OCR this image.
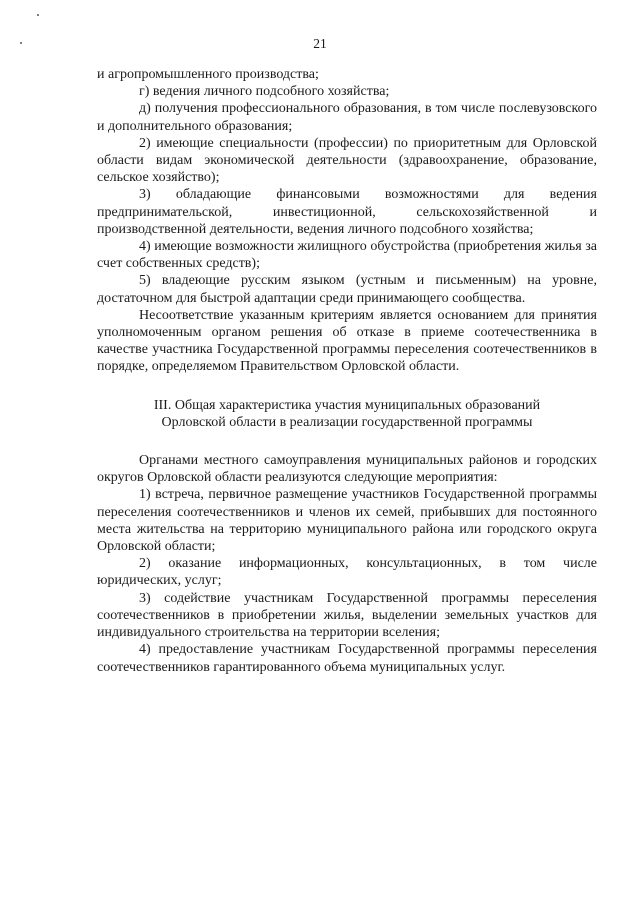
21

и агропромышленного производства;

г) ведения личного подсобного хозяйства;

д) получения профессионального образования, в том числе послевузовского и дополнительного образования;

2) имеющие специальности (профессии) по приоритетным для Орловской области видам экономической деятельности (здравоохранение, образование, сельское хозяйство);

3) обладающие финансовыми возможностями для ведения предпринимательской, инвестиционной, сельскохозяйственной и производственной деятельности, ведения личного подсобного хозяйства;

4) имеющие возможности жилищного обустройства (приобретения жилья за счет собственных средств);

5) владеющие русским языком (устным и письменным) на уровне, достаточном для быстрой адаптации среди принимающего сообщества.

Несоответствие указанным критериям является основанием для принятия уполномоченным органом решения об отказе в приеме соотечественника в качестве участника Государственной программы переселения соотечественников в порядке, определяемом Правительством Орловской области.

III. Общая характеристика участия муниципальных образований
Орловской области в реализации государственной программы

Органами местного самоуправления муниципальных районов и городских округов Орловской области реализуются следующие мероприятия:

1) встреча, первичное размещение участников Государственной программы переселения соотечественников и членов их семей, прибывших для постоянного места жительства на территорию муниципального района или городского округа Орловской области;

2) оказание информационных, консультационных, в том числе юридических, услуг;

3) содействие участникам Государственной программы переселения соотечественников в приобретении жилья, выделении земельных участков для индивидуального строительства на территории вселения;

4) предоставление участникам Государственной программы переселения соотечественников гарантированного объема муниципальных услуг.
